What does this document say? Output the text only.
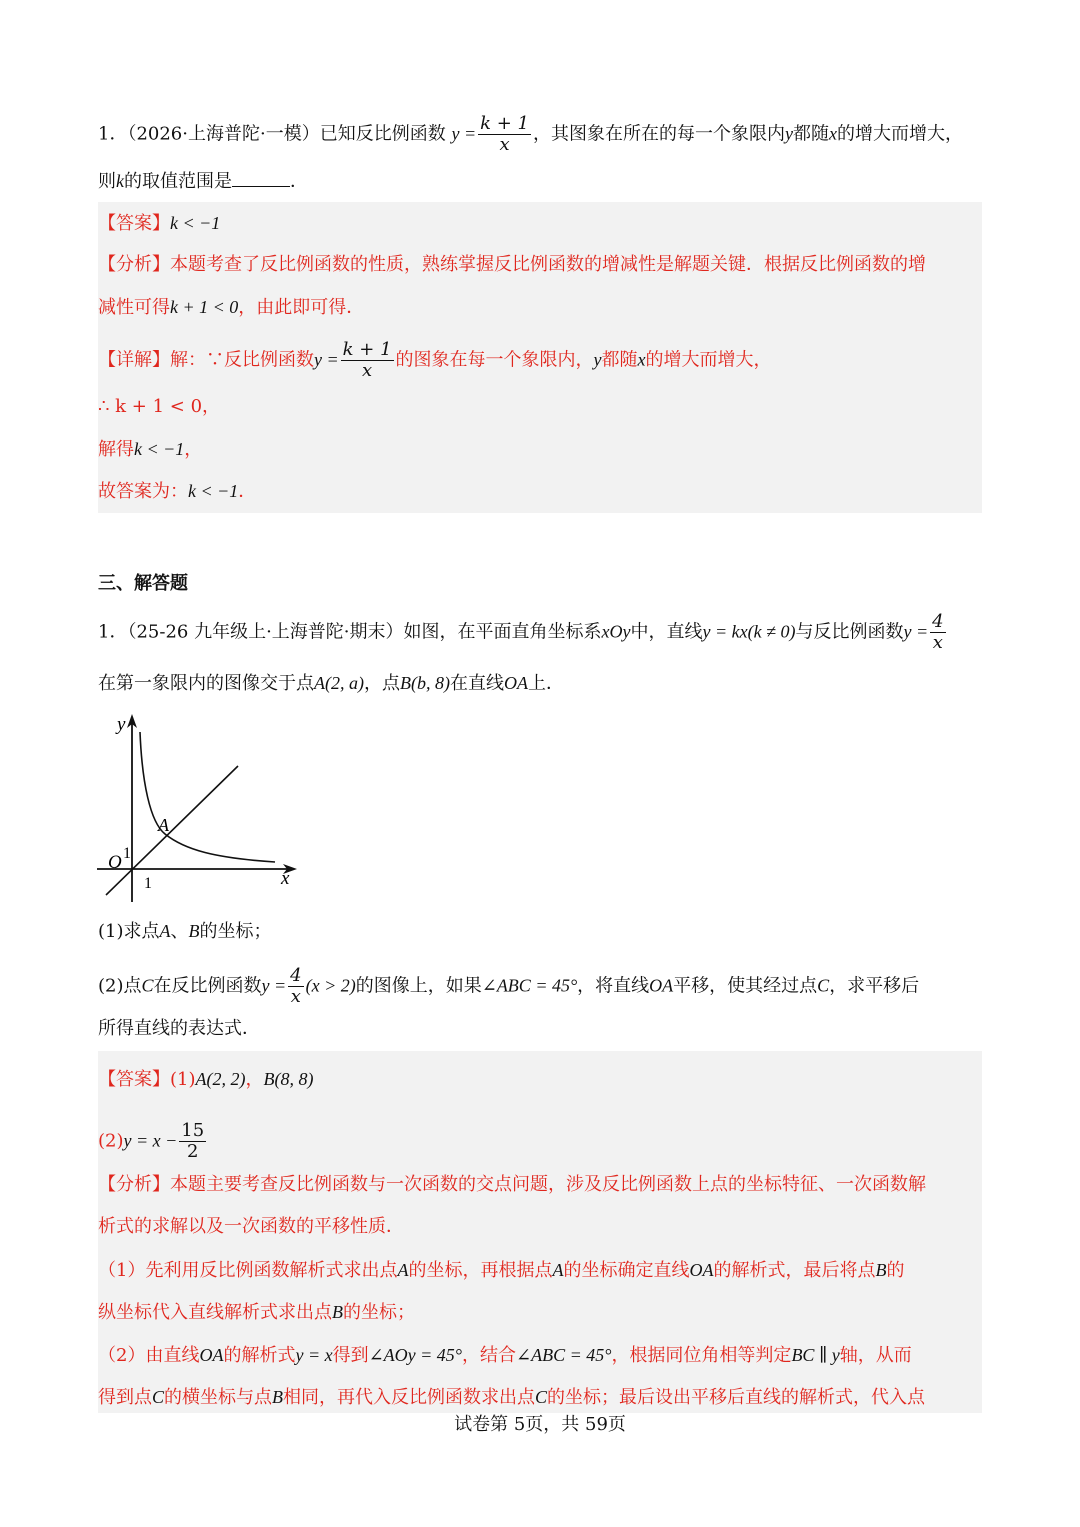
1．（2026·上海普陀·一模）已知反比例函数 $y = \frac{k + 1}{x}$ ，其图象在所在的每一个象限内y都随x的增大而增大，
则k的取值范围是	．
【答案】k < −1
【分析】本题考查了反比例函数的性质，熟练掌握反比例函数的增减性是解题关键．根据反比例函数的增
减性可得k + 1 < 0，由此即可得．
【详解】解：∵反比例函数$y = \frac{k + 1}{x}$ 的图象在每一个象限内，y都随x的增大而增大，
∴ k + 1 < 0，
解得k < −1，
故答案为：k < −1．
三、解答题
1．（25-26 九年级上·上海普陀·期末）如图，在平面直角坐标系xOy中，直线y = kx(k ≠ 0)与反比例函数$y = \frac{4}{x}$
在第一象限内的图像交于点A(2, a)，点B(b, 8)在直线OA上．
y
x
O 1
1
A
(1)求点A、B的坐标；
(2)点C在反比例函数$y = \frac{4}{x} (x > 2)$的图像上，如果∠ABC = 45°，将直线OA平移，使其经过点C，求平移后
所得直线的表达式．
【答案】(1)A(2, 2)，B(8, 8)
$(2)y = x - \frac{15}{2}$
【分析】本题主要考查反比例函数与一次函数的交点问题，涉及反比例函数上点的坐标特征、一次函数解
析式的求解以及一次函数的平移性质．
（1）先利用反比例函数解析式求出点A的坐标，再根据点A的坐标确定直线OA的解析式，最后将点B的
纵坐标代入直线解析式求出点B的坐标；
（2）由直线OA的解析式y = x得到∠AOy = 45°，结合∠ABC = 45°，根据同位角相等判定BC ∥ y轴，从而
得到点C的横坐标与点B相同，再代入反比例函数求出点C的坐标；最后设出平移后直线的解析式，代入点
试卷第 5页，共 59页
